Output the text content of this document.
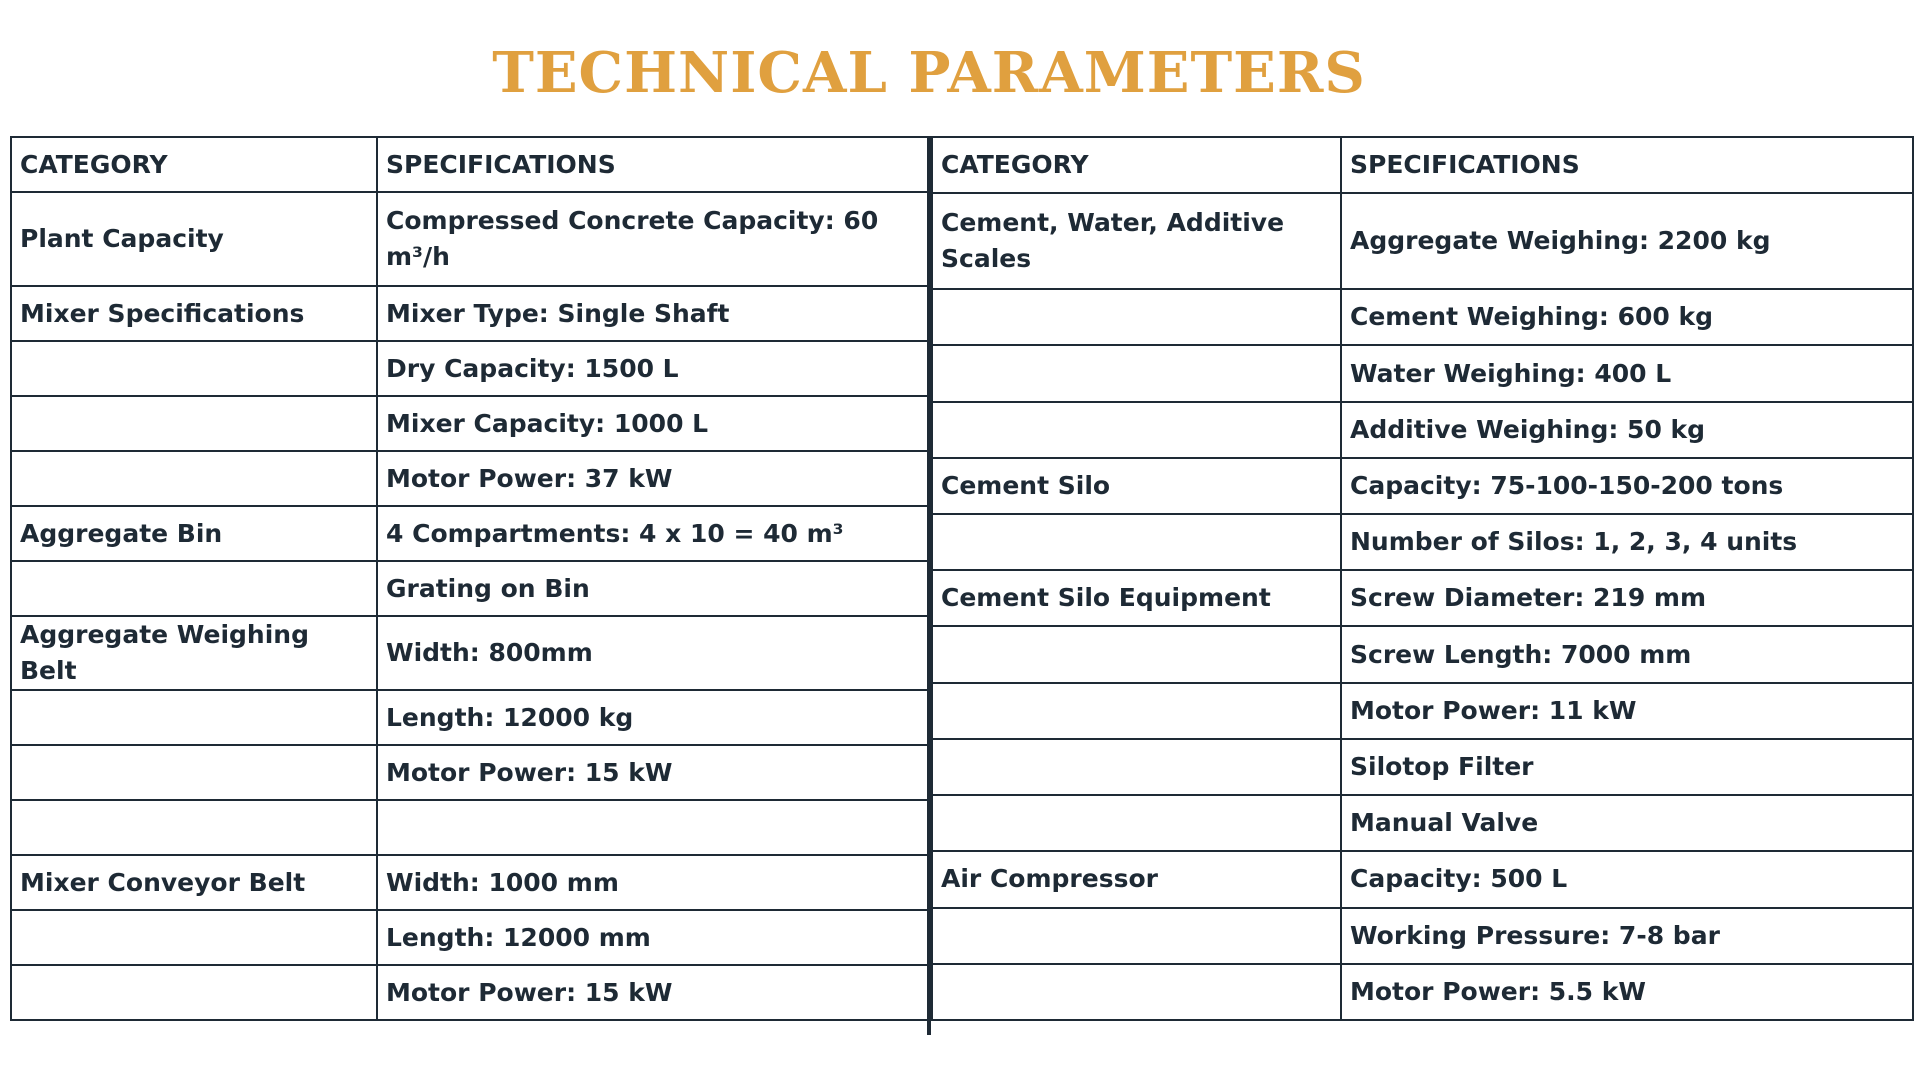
TECHNICAL PARAMETERS
CATEGORY	SPECIFICATIONS
Plant Capacity	Compressed Concrete Capacity: 60 m³/h
Mixer Specifications	Mixer Type: Single Shaft
	Dry Capacity: 1500 L
	Mixer Capacity: 1000 L
	Motor Power: 37 kW
Aggregate Bin	4 Compartments: 4 x 10 = 40 m³
	Grating on Bin
Aggregate Weighing Belt	Width: 800mm
	Length: 12000 kg
	Motor Power: 15 kW

Mixer Conveyor Belt	Width: 1000 mm
	Length: 12000 mm
	Motor Power: 15 kW
CATEGORY	SPECIFICATIONS
Cement, Water, Additive Scales	Aggregate Weighing: 2200 kg
	Cement Weighing: 600 kg
	Water Weighing: 400 L
	Additive Weighing: 50 kg
Cement Silo	Capacity: 75-100-150-200 tons
	Number of Silos: 1, 2, 3, 4 units
Cement Silo Equipment	Screw Diameter: 219 mm
	Screw Length: 7000 mm
	Motor Power: 11 kW
	Silotop Filter
	Manual Valve
Air Compressor	Capacity: 500 L
	Working Pressure: 7-8 bar
	Motor Power: 5.5 kW
